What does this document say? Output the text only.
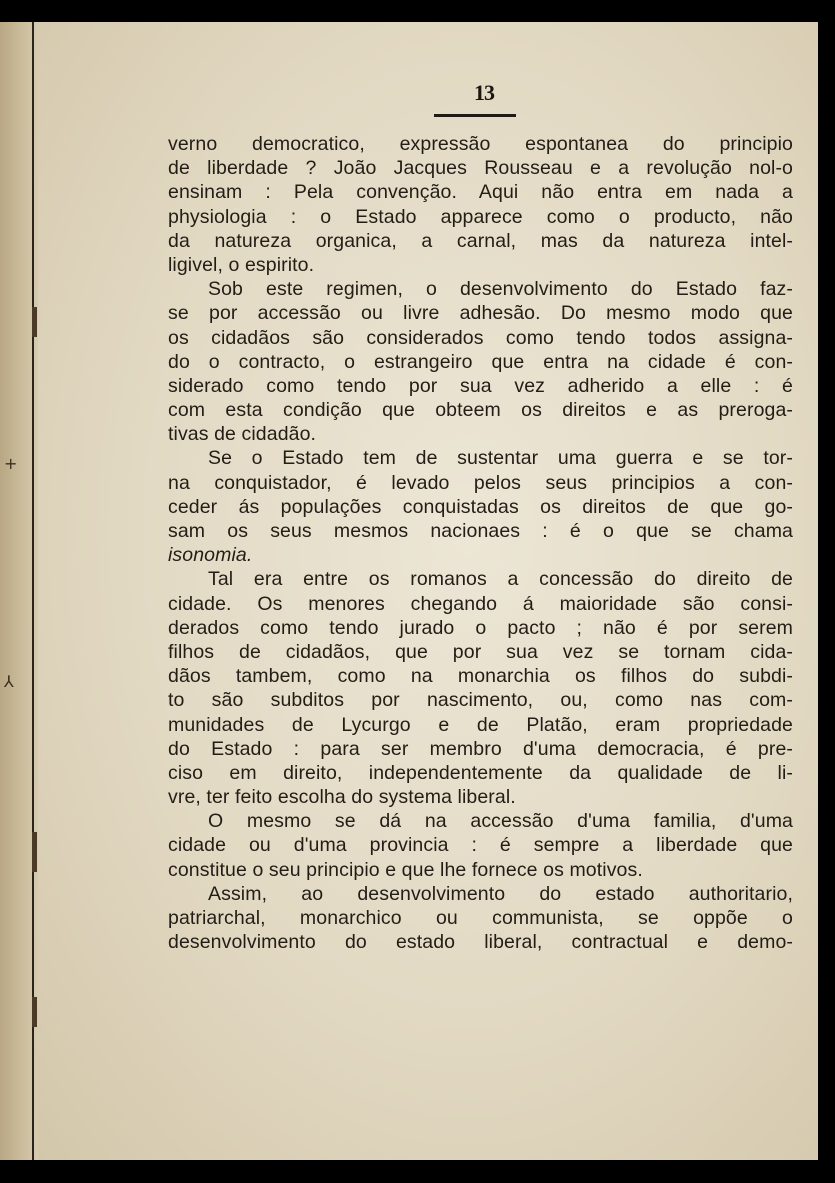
+
⅄
13
verno democratico, expressão espontanea do principio
de liberdade ? João Jacques Rousseau e a revolução nol-o
ensinam : Pela convenção. Aqui não entra em nada a
physiologia : o Estado apparece como o producto, não
da natureza organica, a carnal, mas da natureza intel-
ligivel, o espirito.
Sob este regimen, o desenvolvimento do Estado faz-
se por accessão ou livre adhesão. Do mesmo modo que
os cidadãos são considerados como tendo todos assigna-
do o contracto, o estrangeiro que entra na cidade é con-
siderado como tendo por sua vez adherido a elle : é
com esta condição que obteem os direitos e as preroga-
tivas de cidadão.
Se o Estado tem de sustentar uma guerra e se tor-
na conquistador, é levado pelos seus principios a con-
ceder ás populações conquistadas os direitos de que go-
sam os seus mesmos nacionaes : é o que se chama
isonomia.
Tal era entre os romanos a concessão do direito de
cidade. Os menores chegando á maioridade são consi-
derados como tendo jurado o pacto ; não é por serem
filhos de cidadãos, que por sua vez se tornam cida-
dãos tambem, como na monarchia os filhos do subdi-
to são subditos por nascimento, ou, como nas com-
munidades de Lycurgo e de Platão, eram propriedade
do Estado : para ser membro d'uma democracia, é pre-
ciso em direito, independentemente da qualidade de li-
vre, ter feito escolha do systema liberal.
O mesmo se dá na accessão d'uma familia, d'uma
cidade ou d'uma provincia : é sempre a liberdade que
constitue o seu principio e que lhe fornece os motivos.
Assim, ao desenvolvimento do estado authoritario,
patriarchal, monarchico ou communista, se oppõe o
desenvolvimento do estado liberal, contractual e demo-
